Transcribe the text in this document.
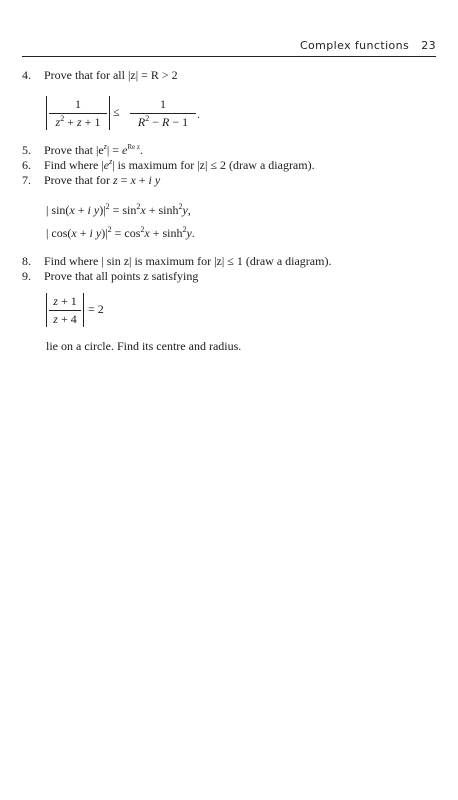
Complex functions 23
4. Prove that for all |z| = R > 2
1
$z^2 + z + 1$
≤
1
$R^2 - R - 1$
.
5. Prove that $|e^z| = e^{Re z}$.
6. Find where $|e^z|$ is maximum for |z| ≤ 2 (draw a diagram).
7. Prove that for z = x + i y
| sin(x + i $y)|^2 = \sin^2x + \sinh^2y$,
| cos(x + i $y)|^2 = \cos^2x + \sinh^2y$.
8. Find where | sin z| is maximum for |z| ≤ 1 (draw a diagram).
9. Prove that all points z satisfying
z + 1
z + 4
= 2
lie on a circle. Find its centre and radius.
